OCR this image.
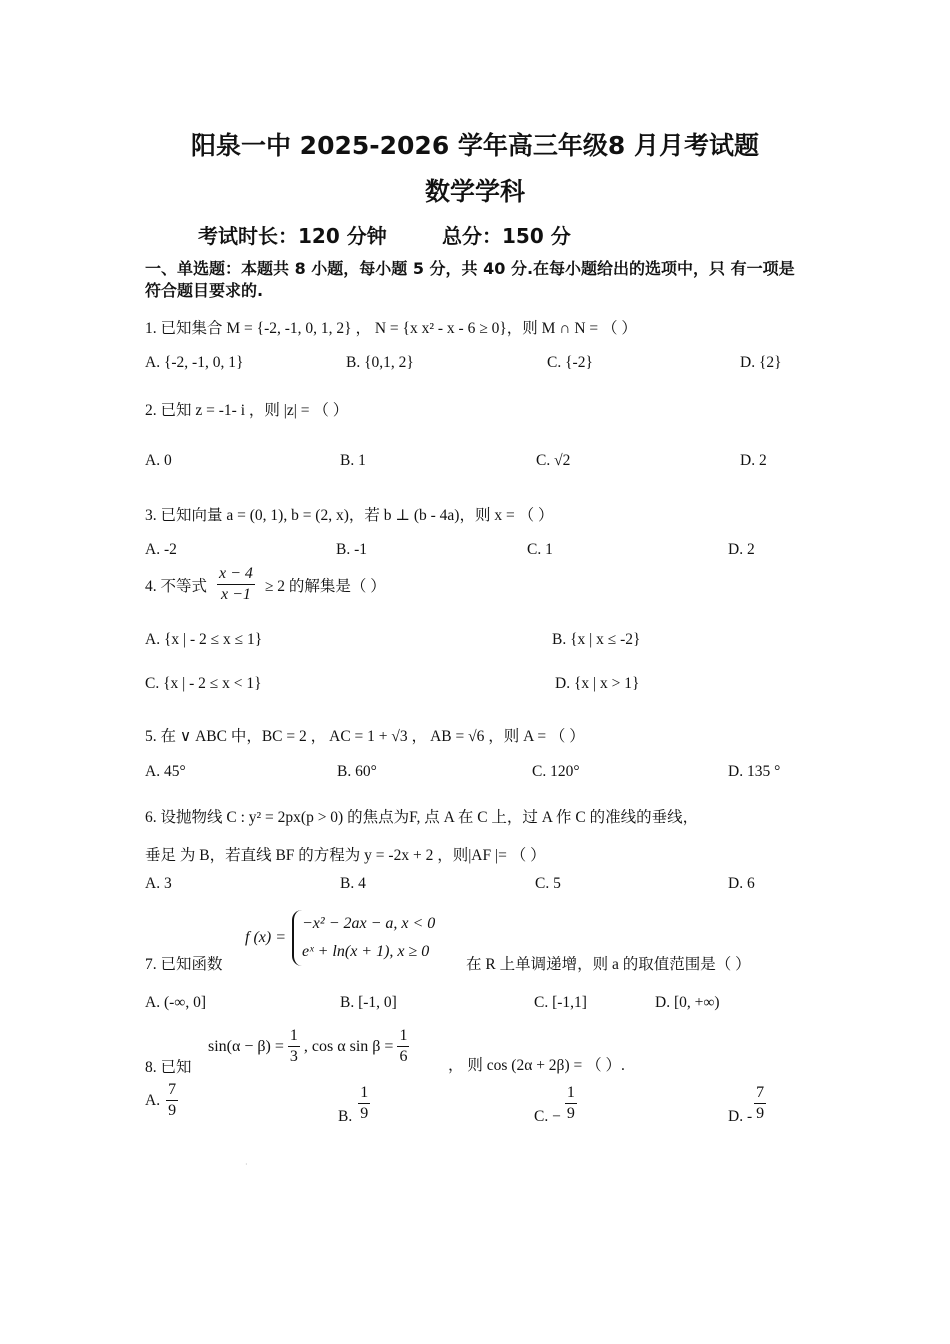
阳泉一中 2025-2026 学年高三年级8 月月考试题
数学学科
考试时长：120 分钟	总分：150 分
一、单选题：本题共 8 小题，每小题 5 分，共 40 分.在每小题给出的选项中，只 有一项是符合题目要求的.
1. 已知集合 M = {-2, -1, 0, 1, 2} ， N = {x x² - x - 6 ≥ 0}，则 M ∩ N = （ ）
A. {-2, -1, 0, 1}	B. {0,1, 2}	C. {-2}	D. {2}
2. 已知 z = -1- i ，则 |z| = （ ）
A. 0	B. 1	C. √2	D. 2
3. 已知向量 a = (0, 1), b = (2, x)，若 b ⊥ (b - 4a)，则 x = （ ）
A. -2	B. -1	C. 1	D. 2
4. 不等式 $\frac{x - 4}{x -1} \ge 2$ 的解集是（ ）
A. {x | - 2 ≤ x ≤ 1}	B. {x | x ≤ -2}
C. {x | - 2 ≤ x < 1}	D. {x | x > 1}
5. 在 ∨ ABC 中，BC = 2 ， AC = 1 + √3 ， AB = √6 ，则 A = （ ）
A. 45°	B. 60°	C. 120°	D. 135 °
6. 设抛物线 C : y² = 2px(p > 0) 的焦点为F, 点 A 在 C 上，过 A 作 C 的准线的垂线，
垂足 为 B，若直线 BF 的方程为 y = -2x + 2 ，则|AF |= （ ）
A. 3	B. 4	C. 5	D. 6
7. 已知函数
f (x) =
−x² − 2ax − a, x < 0
eˣ + ln(x + 1), x ≥ 0
在 R 上单调递增，则 a 的取值范围是（ ）
A. (-∞, 0]	B. [-1, 0]	C. [-1,1]	D. [0, +∞)
8. 已知
$\sin(\alpha - \beta) = \frac{1}{3}$ , cos α $\sin \beta = \frac{1}{6}$ ， 则 cos (2α + 2β) = （ ）.
A. $\frac{7}{9}$	B. $\frac{1}{9}$	C. − $\frac{1}{9}$	D. - $\frac{7}{9}$
·
